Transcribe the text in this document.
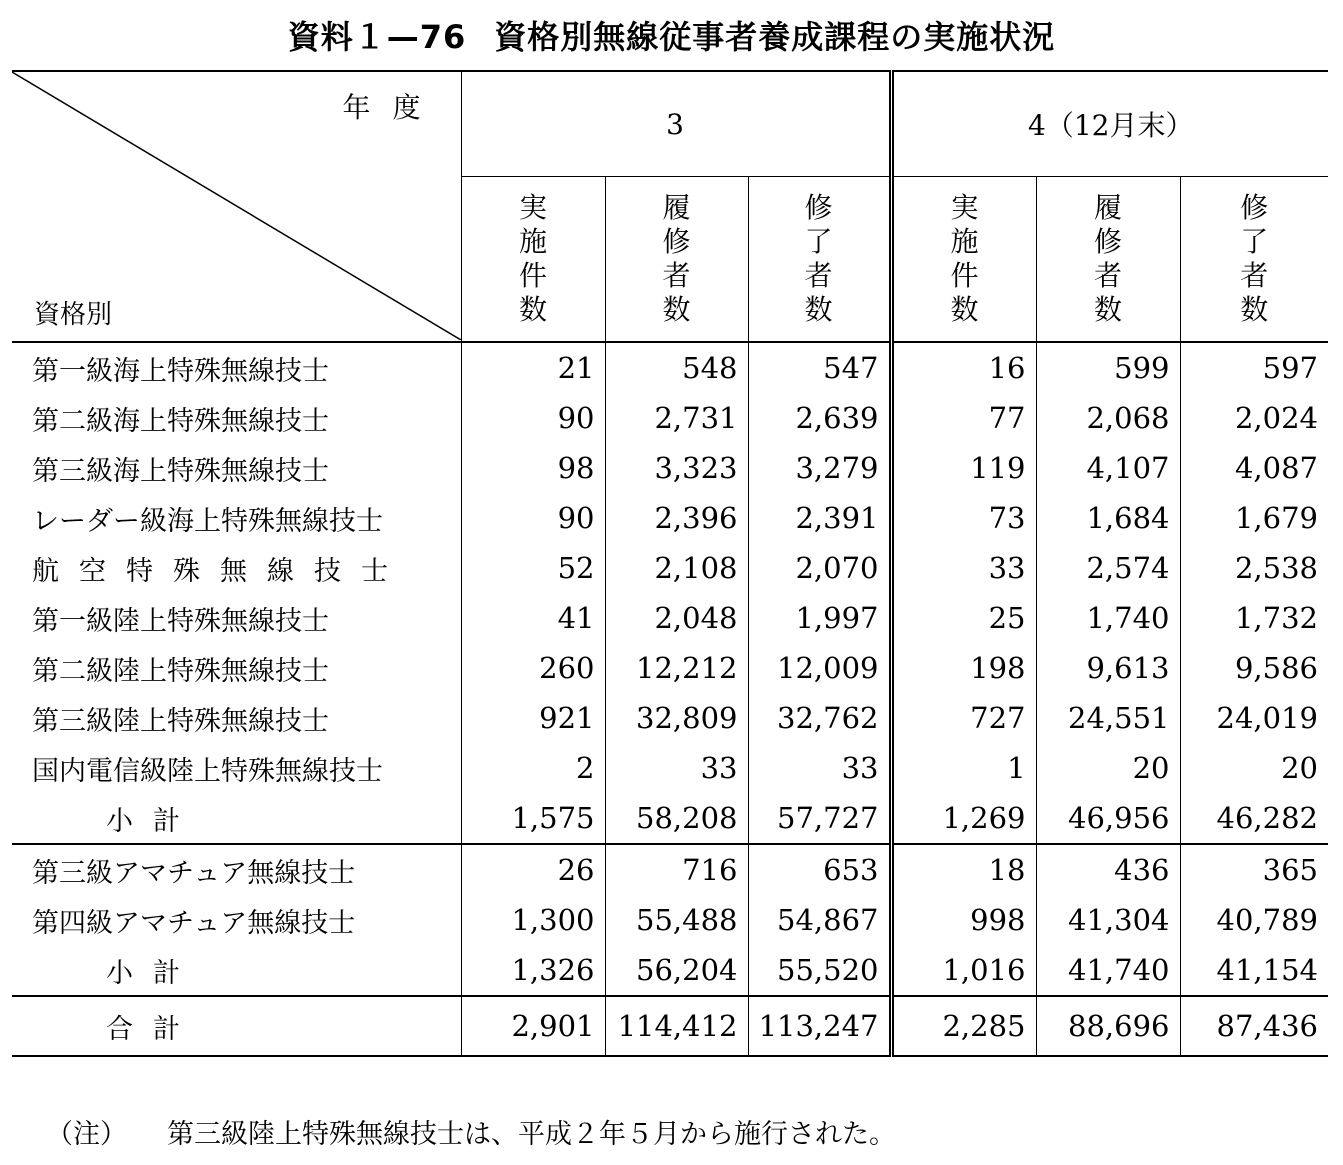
資料１—76 資格別無線従事者養成課程の実施状況
年度
資格別	3			4（12月末）		
	実施件数	履修者数	修了者数	実施件数	履修者数	修了者数
第一級海上特殊無線技士	21	548	547	16	599	597
第二級海上特殊無線技士	90	2,731	2,639	77	2,068	2,024
第三級海上特殊無線技士	98	3,323	3,279	119	4,107	4,087
レーダー級海上特殊無線技士	90	2,396	2,391	73	1,684	1,679
航空特殊無線技士	52	2,108	2,070	33	2,574	2,538
第一級陸上特殊無線技士	41	2,048	1,997	25	1,740	1,732
第二級陸上特殊無線技士	260	12,212	12,009	198	9,613	9,586
第三級陸上特殊無線技士	921	32,809	32,762	727	24,551	24,019
国内電信級陸上特殊無線技士	2	33	33	1	20	20
小計	1,575	58,208	57,727	1,269	46,956	46,282
第三級アマチュア無線技士	26	716	653	18	436	365
第四級アマチュア無線技士	1,300	55,488	54,867	998	41,304	40,789
小計	1,326	56,204	55,520	1,016	41,740	41,154
合計	2,901	114,412	113,247	2,285	88,696	87,436
（注） 第三級陸上特殊無線技士は、平成２年５月から施行された。
